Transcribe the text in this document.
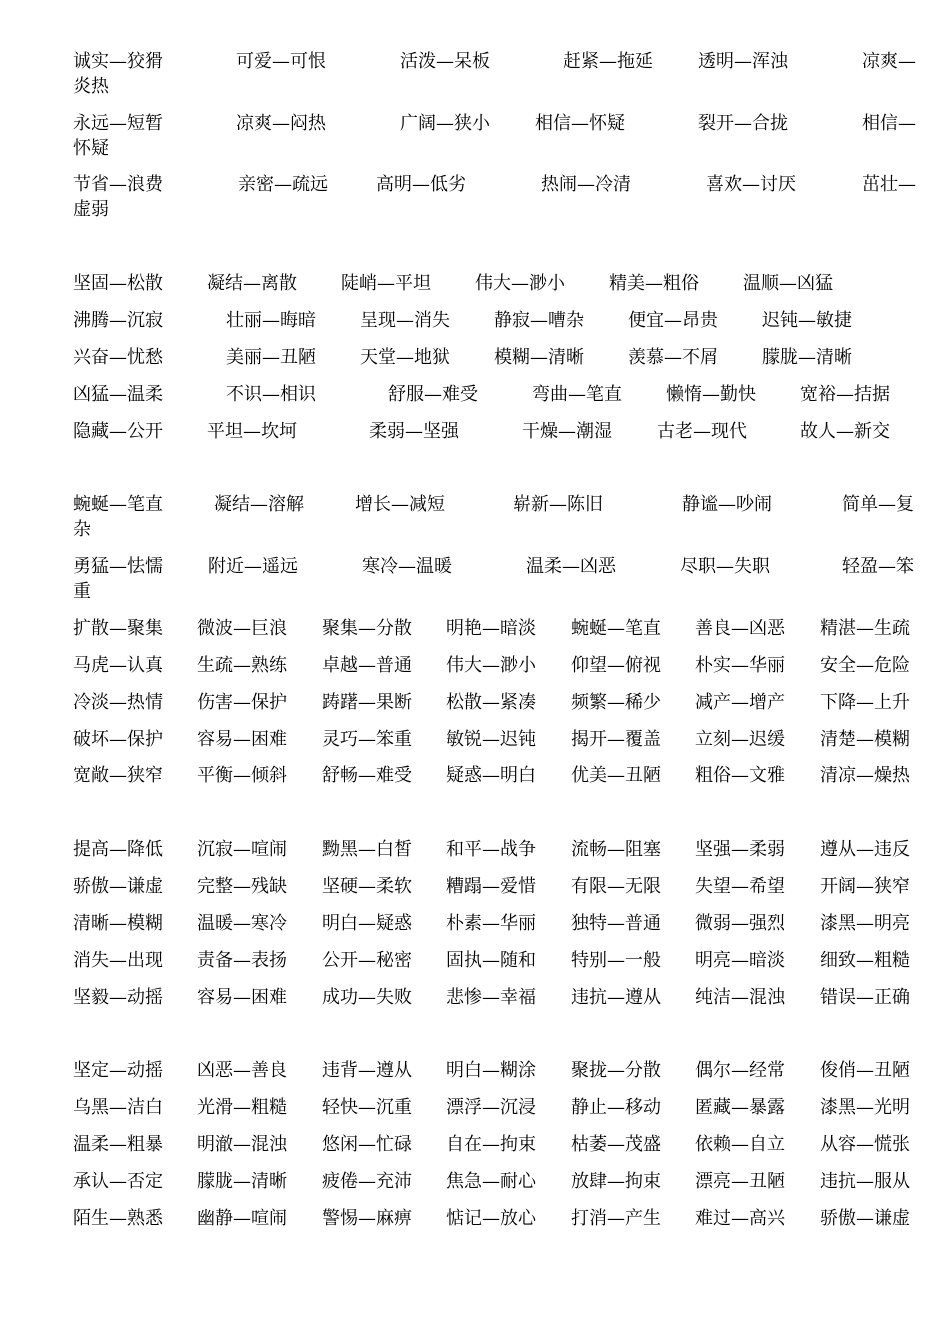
诚实—狡猾	可爱—可恨	活泼—呆板	赶紧—拖延	透明—浑浊	凉爽—
炎热
永远—短暂	凉爽—闷热	广阔—狭小	相信—怀疑	裂开—合拢	相信—
怀疑
节省—浪费	亲密—疏远	高明—低劣	热闹—冷清	喜欢—讨厌	茁壮—
虚弱
坚固—松散 凝结—离散 陡峭—平坦 伟大—渺小 精美—粗俗 温顺—凶猛
沸腾—沉寂	壮丽—晦暗 呈现—消失 静寂—嘈杂 便宜—昂贵 迟钝—敏捷
兴奋—忧愁	美丽—丑陋 天堂—地狱 模糊—清晰 羡慕—不屑 朦胧—清晰
凶猛—温柔	不识—相识	舒服—难受	弯曲—笔直 懒惰—勤快 宽裕—拮据
隐藏—公开 平坦—坎坷	柔弱—坚强	干燥—潮湿	古老—现代	故人—新交
蜿蜒—笔直	凝结—溶解	增长—减短	崭新—陈旧	静谧—吵闹	简单—复
杂
勇猛—怯懦	附近—遥远	寒冷—温暖	温柔—凶恶	尽职—失职	轻盈—笨
重
扩散—聚集 微波—巨浪 聚集—分散 明艳—暗淡 蜿蜒—笔直 善良—凶恶 精湛—生疏
马虎—认真 生疏—熟练 卓越—普通 伟大—渺小 仰望—俯视 朴实—华丽 安全—危险
冷淡—热情 伤害—保护 踌躇—果断 松散—紧凑 频繁—稀少 减产—增产 下降—上升
破坏—保护 容易—困难 灵巧—笨重 敏锐—迟钝 揭开—覆盖 立刻—迟缓 清楚—模糊
宽敞—狭窄 平衡—倾斜 舒畅—难受 疑惑—明白 优美—丑陋 粗俗—文雅 清凉—燥热
提高—降低 沉寂—喧闹 黝黑—白皙 和平—战争 流畅—阻塞 坚强—柔弱 遵从—违反
骄傲—谦虚 完整—残缺 坚硬—柔软 糟蹋—爱惜 有限—无限 失望—希望 开阔—狭窄
清晰—模糊 温暖—寒冷 明白—疑惑 朴素—华丽 独特—普通 微弱—强烈 漆黑—明亮
消失—出现 责备—表扬 公开—秘密 固执—随和 特别—一般 明亮—暗淡 细致—粗糙
坚毅—动摇 容易—困难 成功—失败 悲惨—幸福 违抗—遵从 纯洁—混浊 错误—正确
坚定—动摇 凶恶—善良 违背—遵从 明白—糊涂 聚拢—分散 偶尔—经常 俊俏—丑陋
乌黑—洁白 光滑—粗糙 轻快—沉重 漂浮—沉浸 静止—移动 匿藏—暴露 漆黑—光明
温柔—粗暴 明澈—混浊 悠闲—忙碌 自在—拘束 枯萎—茂盛 依赖—自立 从容—慌张
承认—否定 朦胧—清晰 疲倦—充沛 焦急—耐心 放肆—拘束 漂亮—丑陋 违抗—服从
陌生—熟悉 幽静—喧闹 警惕—麻痹 惦记—放心 打消—产生 难过—高兴 骄傲—谦虚
